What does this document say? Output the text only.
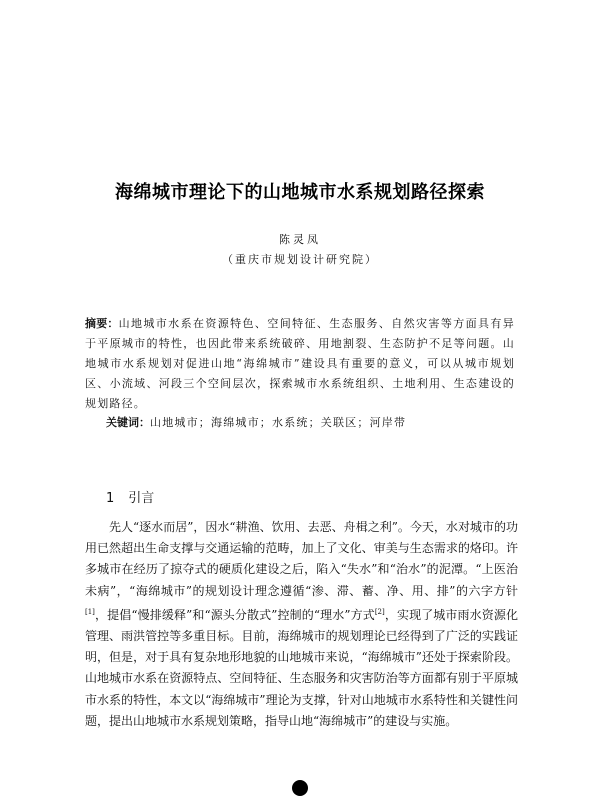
海绵城市理论下的山地城市水系规划路径探索
陈灵凤
（重庆市规划设计研究院）
摘要：山地城市水系在资源特色、空间特征、生态服务、自然灾害等方面具有异于平原城市的特性，也因此带来系统破碎、用地割裂、生态防护不足等问题。山地城市水系规划对促进山地“海绵城市”建设具有重要的意义，可以从城市规划区、小流域、河段三个空间层次，探索城市水系统组织、土地利用、生态建设的规划路径。
关键词：山地城市；海绵城市；水系统；关联区；河岸带
1 引言

先人“逐水而居”，因水“耕渔、饮用、去恶、舟楫之利”。今天，水对城市的功用已然超出生命支撑与交通运输的范畴，加上了文化、审美与生态需求的烙印。许多城市在经历了掠夺式的硬质化建设之后，陷入“失水”和“治水”的泥潭。“上医治未病”，“海绵城市”的规划设计理念遵循“渗、滞、蓄、净、用、排”的六字方针[1]，提倡“慢排缓释”和“源头分散式”控制的“理水”方式[2]，实现了城市雨水资源化管理、雨洪管控等多重目标。目前，海绵城市的规划理论已经得到了广泛的实践证明，但是，对于具有复杂地形地貌的山地城市来说，“海绵城市”还处于探索阶段。山地城市水系在资源特点、空间特征、生态服务和灾害防治等方面都有别于平原城市水系的特性，本文以“海绵城市”理论为支撑，针对山地城市水系特性和关键性问题，提出山地城市水系规划策略，指导山地“海绵城市”的建设与实施。
